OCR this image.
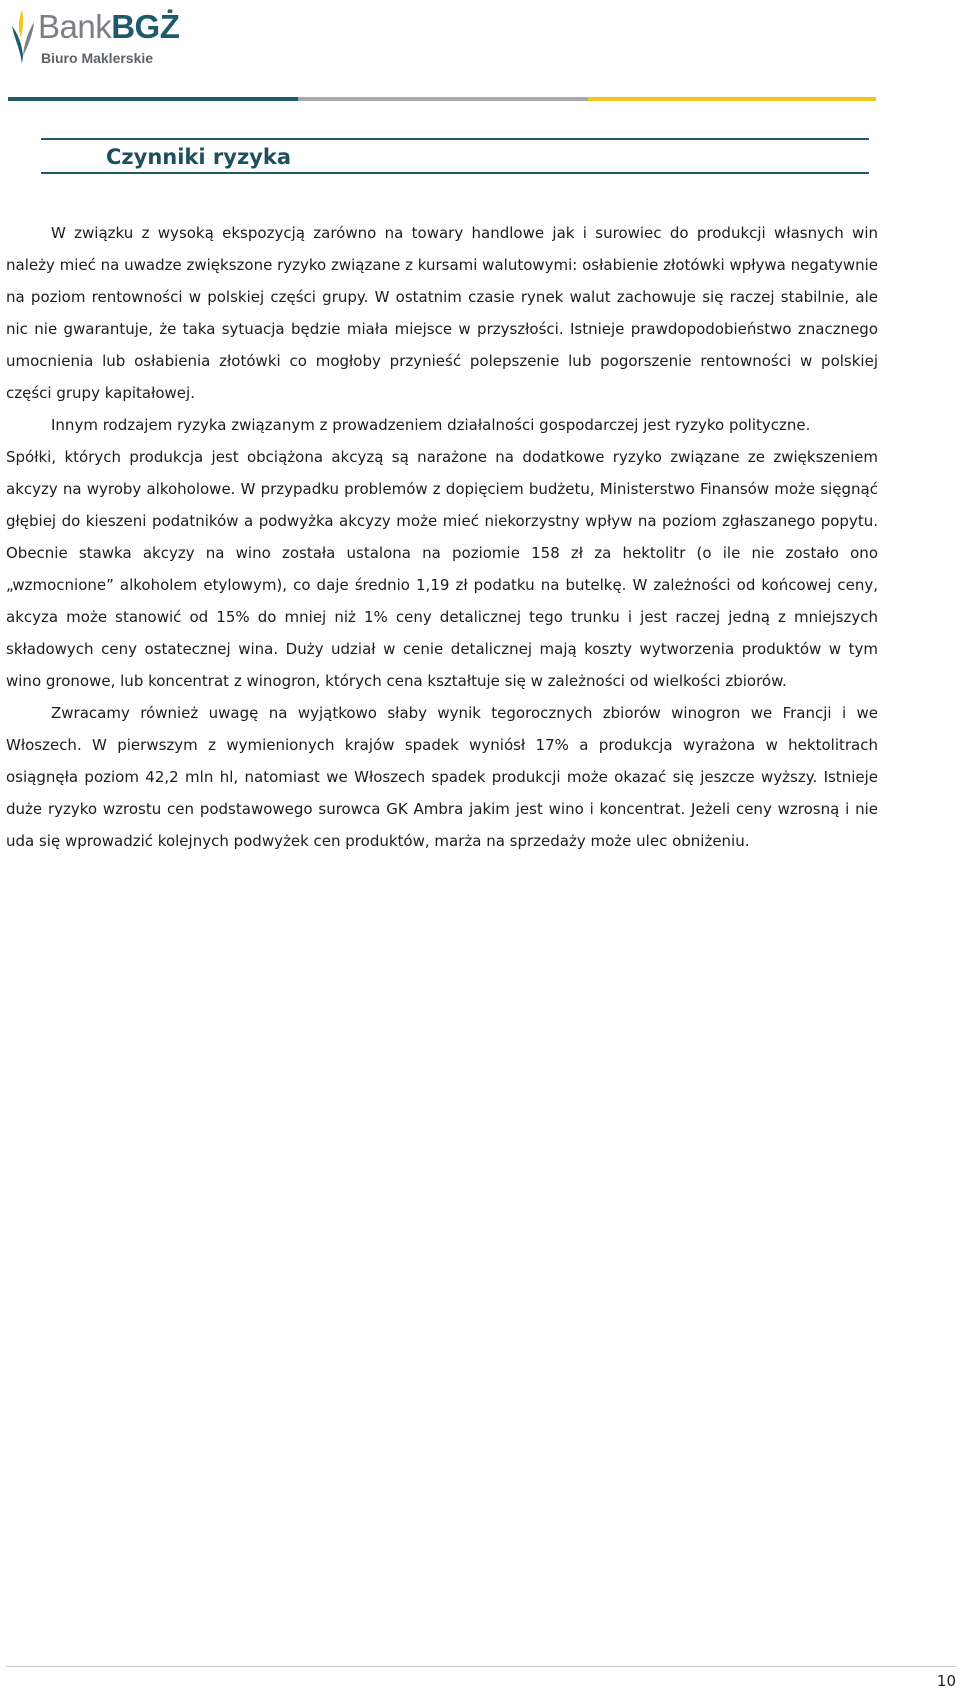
BankBGŻ
Biuro Maklerskie
Czynniki ryzyka

W związku z wysoką ekspozycją zarówno na towary handlowe jak i surowiec do produkcji własnych win należy mieć na uwadze zwiększone ryzyko związane z kursami walutowymi: osłabienie złotówki wpływa negatywnie na poziom rentowności w polskiej części grupy. W ostatnim czasie rynek walut zachowuje się raczej stabilnie, ale nic nie gwarantuje, że taka sytuacja będzie miała miejsce w przyszłości. Istnieje prawdopodobieństwo znacznego umocnienia lub osłabienia złotówki co mogłoby przynieść polepszenie lub pogorszenie rentowności w polskiej części grupy kapitałowej.

Innym rodzajem ryzyka związanym z prowadzeniem działalności gospodarczej jest ryzyko polityczne.

Spółki, których produkcja jest obciążona akcyzą są narażone na dodatkowe ryzyko związane ze zwiększeniem akcyzy na wyroby alkoholowe. W przypadku problemów z dopięciem budżetu, Ministerstwo Finansów może sięgnąć głębiej do kieszeni podatników a podwyżka akcyzy może mieć niekorzystny wpływ na poziom zgłaszanego popytu. Obecnie stawka akcyzy na wino została ustalona na poziomie 158 zł za hektolitr (o ile nie zostało ono „wzmocnione” alkoholem etylowym), co daje średnio 1,19 zł podatku na butelkę. W zależności od końcowej ceny, akcyza może stanowić od 15% do mniej niż 1% ceny detalicznej tego trunku i jest raczej jedną z mniejszych składowych ceny ostatecznej wina. Duży udział w cenie detalicznej mają koszty wytworzenia produktów w tym wino gronowe, lub koncentrat z winogron, których cena kształtuje się w zależności od wielkości zbiorów.

Zwracamy również uwagę na wyjątkowo słaby wynik tegorocznych zbiorów winogron we Francji i we Włoszech. W pierwszym z wymienionych krajów spadek wyniósł 17% a produkcja wyrażona w hektolitrach osiągnęła poziom 42,2 mln hl, natomiast we Włoszech spadek produkcji może okazać się jeszcze wyższy. Istnieje duże ryzyko wzrostu cen podstawowego surowca GK Ambra jakim jest wino i koncentrat. Jeżeli ceny wzrosną i nie uda się wprowadzić kolejnych podwyżek cen produktów, marża na sprzedaży może ulec obniżeniu.

10
